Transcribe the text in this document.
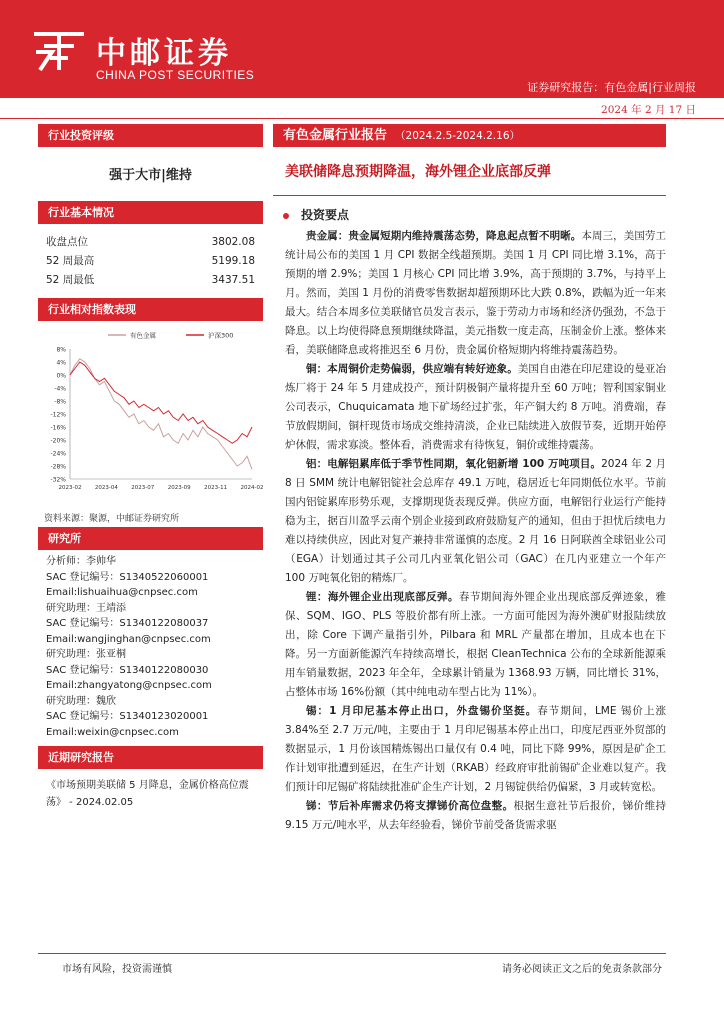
中邮证券
CHINA POST SECURITIES
证券研究报告：有色金属|行业周报
2024 年 2 月 17 日
行业投资评级
强于大市|维持
行业基本情况
收盘点位	3802.08
52 周最高	5199.18
52 周最低	3437.51
行业相对指数表现
8%
4%
0%
-4%
-8%
-12%
-16%
-20%
-24%
-28%
-32%
2023-02 2023-04 2023-07 2023-09 2023-11 2024-02
有色金属	沪深300
资料来源：聚源，中邮证券研究所
研究所
分析师：李帅华
SAC 登记编号：S1340522060001
Email:lishuaihua@cnpsec.com
研究助理：王靖添
SAC 登记编号：S1340122080037
Email:wangjinghan@cnpsec.com
研究助理：张亚桐
SAC 登记编号：S1340122080030
Email:zhangyatong@cnpsec.com
研究助理：魏欣
SAC 登记编号：S1340123020001
Email:weixin@cnpsec.com
近期研究报告
《市场预期美联储 5 月降息，金属价格高位震荡》 - 2024.02.05
有色金属行业报告 （2024.2.5-2024.2.16）
美联储降息预期降温，海外锂企业底部反弹
投资要点

贵金属：贵金属短期内维持震荡态势，降息起点暂不明晰。本周三，美国劳工统计局公布的美国 1 月 CPI 数据全线超预期。美国 1 月 CPI 同比增 3.1%，高于预期的增 2.9%；美国 1 月核心 CPI 同比增 3.9%，高于预期的 3.7%，与持平上月。然而，美国 1 月份的消费零售数据却超预期环比大跌 0.8%，跌幅为近一年来最大。结合本周多位美联储官员发言表示，鉴于劳动力市场和经济仍强劲，不急于降息。以上均使得降息预期继续降温，美元指数一度走高，压制金价上涨。整体来看，美联储降息或将推迟至 6 月份，贵金属价格短期内将维持震荡趋势。

铜：本周铜价走势偏弱，供应端有转好迹象。美国自由港在印尼建设的曼亚冶炼厂将于 24 年 5 月建成投产，预计阴极铜产量将提升至 60 万吨；智利国家铜业公司表示，Chuquicamata 地下矿场经过扩张，年产铜大约 8 万吨。消费端，春节放假期间，铜杆现货市场成交维持清淡，企业已陆续进入放假节奏，近期开始停炉休假，需求寡淡。整体看，消费需求有待恢复，铜价或维持震荡。

铝：电解铝累库低于季节性同期，氧化铝新增 100 万吨项目。2024 年 2 月 8 日 SMM 统计电解铝锭社会总库存 49.1 万吨，稳居近七年同期低位水平。节前国内铝锭累库形势乐观，支撑期现货表现反弹。供应方面，电解铝行业运行产能持稳为主，据百川盈孚云南个别企业接到政府鼓励复产的通知，但由于担忧后续电力难以持续供应，因此对复产兼持非常谨慎的态度。2 月 16 日阿联酋全球铝业公司（EGA）计划通过其子公司几内亚氧化铝公司（GAC）在几内亚建立一个年产 100 万吨氧化铝的精炼厂。

锂：海外锂企业出现底部反弹。春节期间海外锂企业出现底部反弹迹象，雅保、SQM、IGO、PLS 等股价都有所上涨。一方面可能因为海外澳矿财报陆续放出，除 Core 下调产量指引外，Pilbara 和 MRL 产量都在增加，且成本也在下降。另一方面新能源汽车持续高增长，根据 CleanTechnica 公布的全球新能源乘用车销量数据，2023 年全年，全球累计销量为 1368.93 万辆，同比增长 31%，占整体市场 16%份额（其中纯电动车型占比为 11%）。

锡：1 月印尼基本停止出口，外盘锡价坚挺。春节期间，LME 锡价上涨 3.84%至 2.7 万元/吨，主要由于 1 月印尼锡基本停止出口，印度尼西亚外贸部的数据显示，1 月份该国精炼锡出口量仅有 0.4 吨，同比下降 99%，原因是矿企工作计划审批遭到延迟，在生产计划（RKAB）经政府审批前锡矿企业难以复产。我们预计印尼锡矿将陆续批准矿企生产计划，2 月锡锭供给仍偏紧，3 月或转宽松。

锑：节后补库需求仍将支撑锑价高位盘整。根据生意社节后报价，锑价维持 9.15 万元/吨水平，从去年经验看，锑价节前受备货需求驱

市场有风险，投资需谨慎	请务必阅读正文之后的免责条款部分
